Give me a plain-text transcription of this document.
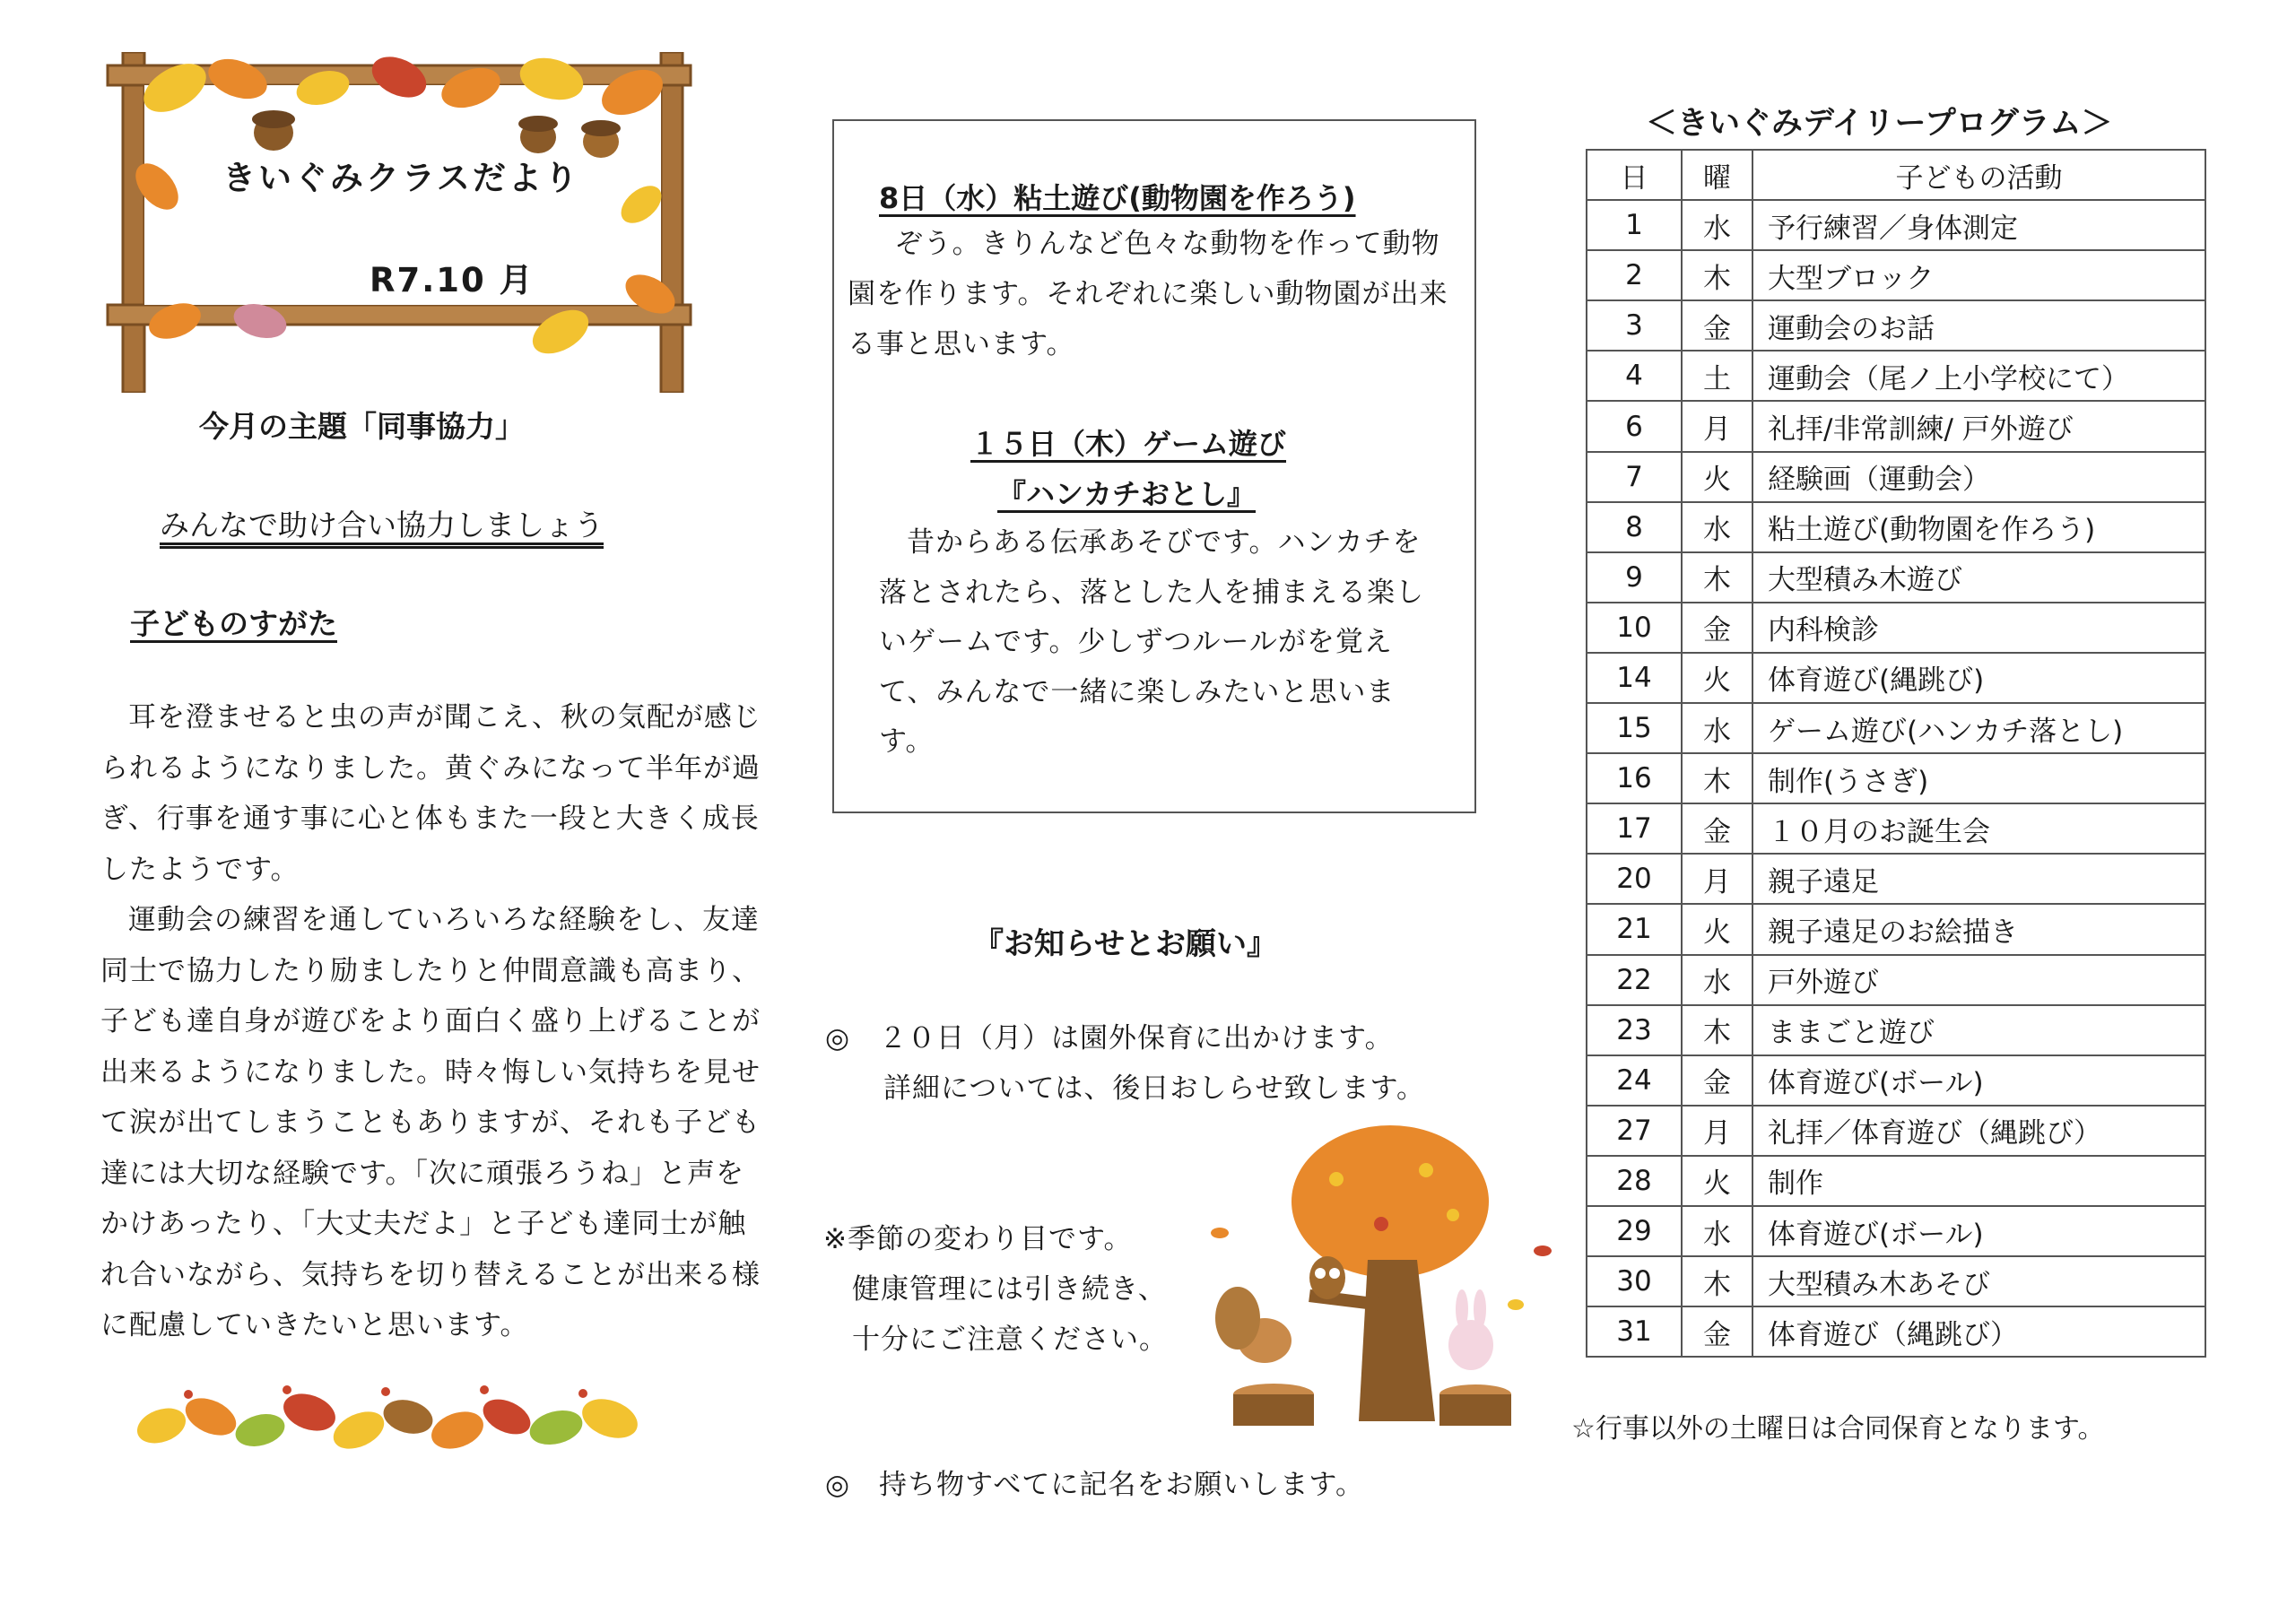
きいぐみクラスだより
R7.10 月
今月の主題「同事協力」
みんなで助け合い協力しましょう
子どものすがた

耳を澄ませると虫の声が聞こえ、秋の気配が感じられるようになりました。黄ぐみになって半年が過ぎ、行事を通す事に心と体もまた一段と大きく成長したようです。

運動会の練習を通していろいろな経験をし、友達同士で協力したり励ましたりと仲間意識も高まり、子ども達自身が遊びをより面白く盛り上げることが出来るようになりました。時々悔しい気持ちを見せて涙が出てしまうこともありますが、それも子ども達には大切な経験です。「次に頑張ろうね」と声をかけあったり、「大丈夫だよ」と子ども達同士が触れ合いながら、気持ちを切り替えることが出来る様に配慮していきたいと思います。

8日（水）粘土遊び(動物園を作ろう)

ぞう。きりんなど色々な動物を作って動物園を作ります。それぞれに楽しい動物園が出来る事と思います。

１５日（木）ゲーム遊び
『ハンカチおとし』

昔からある伝承あそびです。ハンカチを落とされたら、落とした人を捕まえる楽しいゲームです。少しずつルールがを覚えて、みんなで一緒に楽しみたいと思います。

『お知らせとお願い』
◎　２０日（月）は園外保育に出かけます。
詳細については、後日おしらせ致します。
※季節の変わり目です。
健康管理には引き続き、
十分にご注意ください。
◎　持ち物すべてに記名をお願いします。
＜きいぐみデイリープログラム＞
日	曜	子どもの活動
1	水	予行練習／身体測定
2	木	大型ブロック
3	金	運動会のお話
4	土	運動会（尾ノ上小学校にて）
6	月	礼拝/非常訓練/ 戸外遊び
7	火	経験画（運動会）
8	水	粘土遊び(動物園を作ろう)
9	木	大型積み木遊び
10	金	内科検診
14	火	体育遊び(縄跳び)
15	水	ゲーム遊び(ハンカチ落とし)
16	木	制作(うさぎ)
17	金	１０月のお誕生会
20	月	親子遠足
21	火	親子遠足のお絵描き
22	水	戸外遊び
23	木	ままごと遊び
24	金	体育遊び(ボール)
27	月	礼拝／体育遊び（縄跳び）
28	火	制作
29	水	体育遊び(ボール)
30	木	大型積み木あそび
31	金	体育遊び（縄跳び）
☆行事以外の土曜日は合同保育となります。
